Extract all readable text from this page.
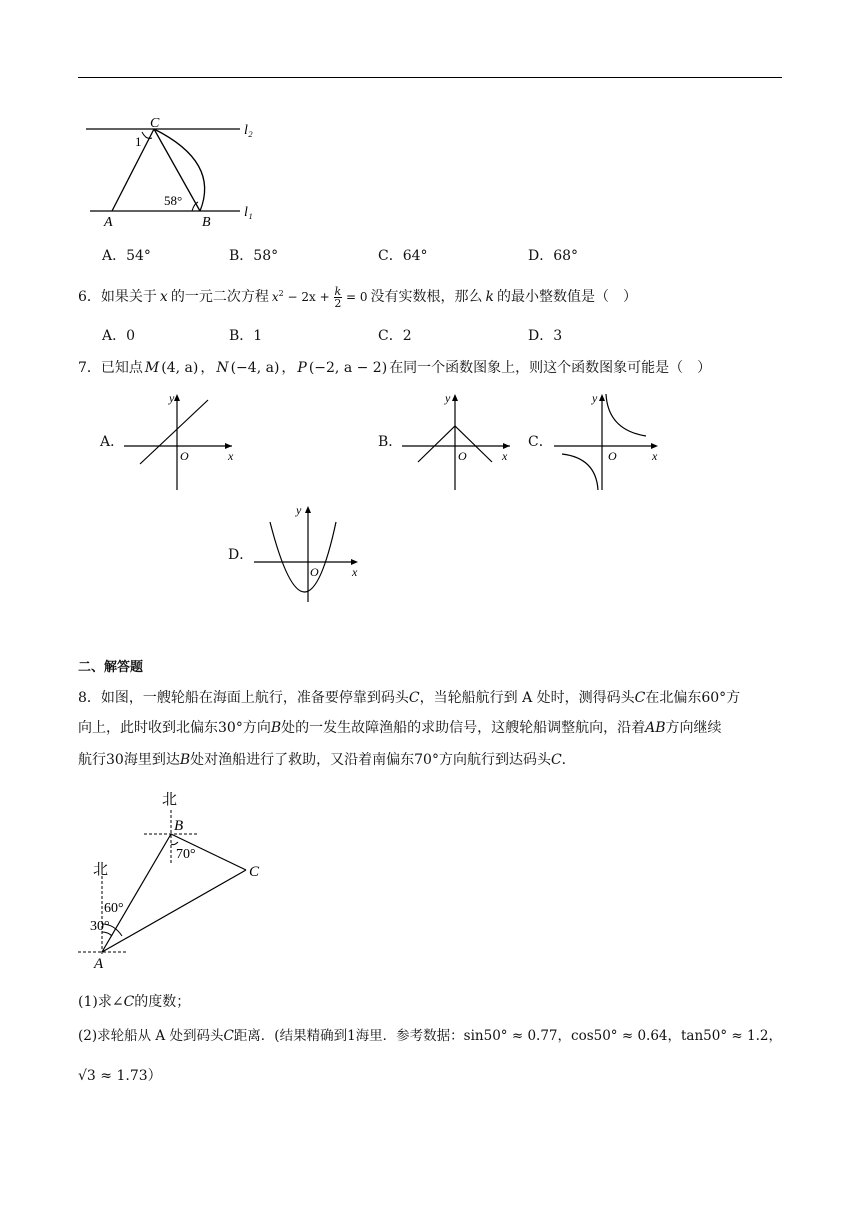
C
A	B
l₂
l₁
1
58°
A．54°	B．58°	C．64°	D．68°
6．如果关于 x 的一元二次方程 $x^2 - 2x + \frac{k}{2} = 0$ 没有实数根，那么 k 的最小整数值是（　）
A．0	B．1	C．2	D．3
7．已知点 M (4, a) ， N (−4, a) ， P (−2, a − 2) 在同一个函数图象上，则这个函数图象可能是（　）
A．	B．	C．
D．
x
y
O	x
y
O	x
y
O
x
y
O
二、解答题
8．如图，一艘轮船在海面上航行，准备要停靠到码头C，当轮船航行到 A 处时，测得码头C在北偏东60°方
向上，此时收到北偏东30°方向B处的一发生故障渔船的求助信号，这艘轮船调整航向，沿着AB方向继续
航行30海里到达B处对渔船进行了救助，又沿着南偏东70°方向航行到达码头C．
北
北
B
A
C
70°
60°
30°
(1)求∠C的度数；
(2)求轮船从 A 处到码头C距离．(结果精确到1海里．参考数据：sin50° ≈ 0.77，cos50° ≈ 0.64，tan50° ≈ 1.2，
√3 ≈ 1.73）
